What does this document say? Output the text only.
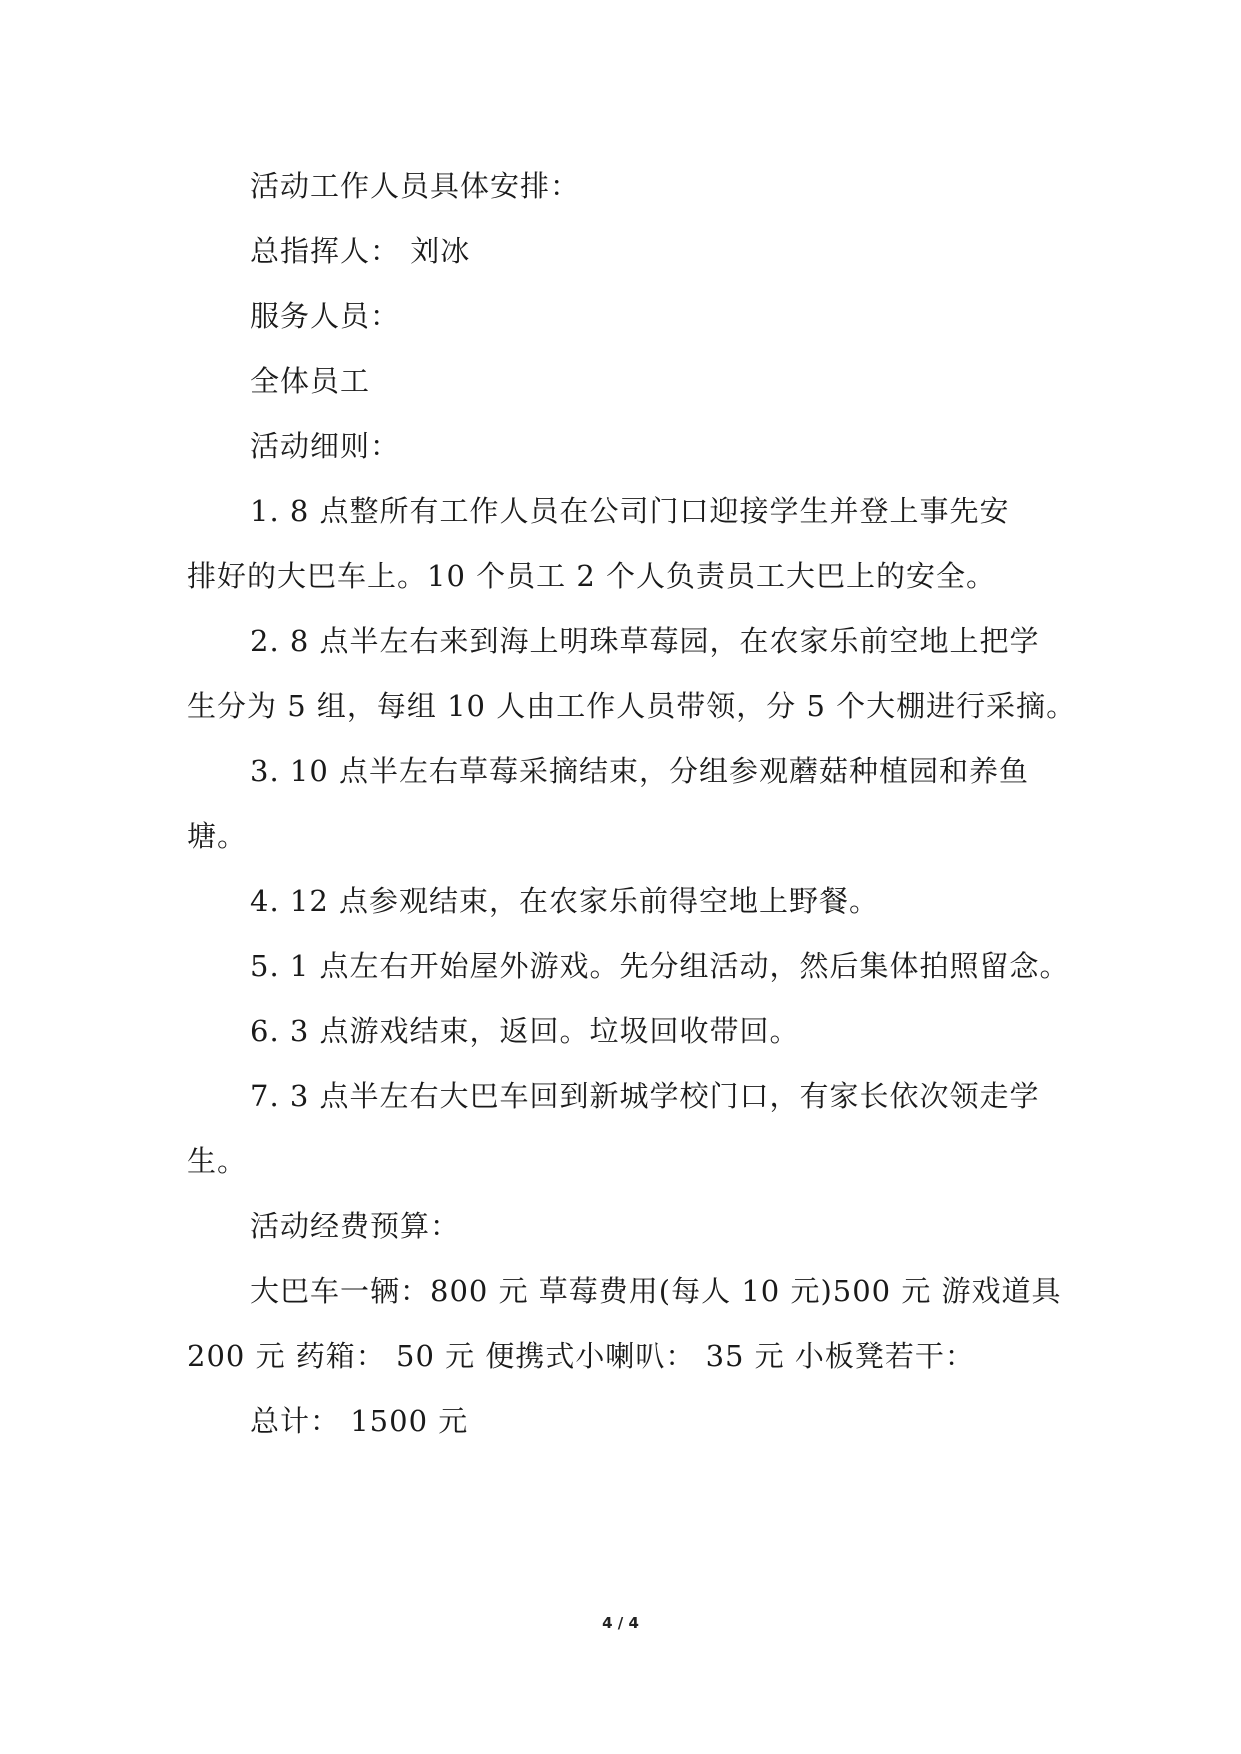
活动工作人员具体安排：
总指挥人： 刘冰
服务人员：
全体员工
活动细则：
1. 8 点整所有工作人员在公司门口迎接学生并登上事先安
排好的大巴车上。10 个员工 2 个人负责员工大巴上的安全。
2. 8 点半左右来到海上明珠草莓园，在农家乐前空地上把学
生分为 5 组，每组 10 人由工作人员带领，分 5 个大棚进行采摘。
3. 10 点半左右草莓采摘结束，分组参观蘑菇种植园和养鱼
塘。
4. 12 点参观结束，在农家乐前得空地上野餐。
5. 1 点左右开始屋外游戏。先分组活动，然后集体拍照留念。
6. 3 点游戏结束，返回。垃圾回收带回。
7. 3 点半左右大巴车回到新城学校门口，有家长依次领走学
生。
活动经费预算：
大巴车一辆：800 元 草莓费用(每人 10 元)500 元 游戏道具
200 元 药箱： 50 元 便携式小喇叭： 35 元 小板凳若干：
总计： 1500 元
4 / 4
